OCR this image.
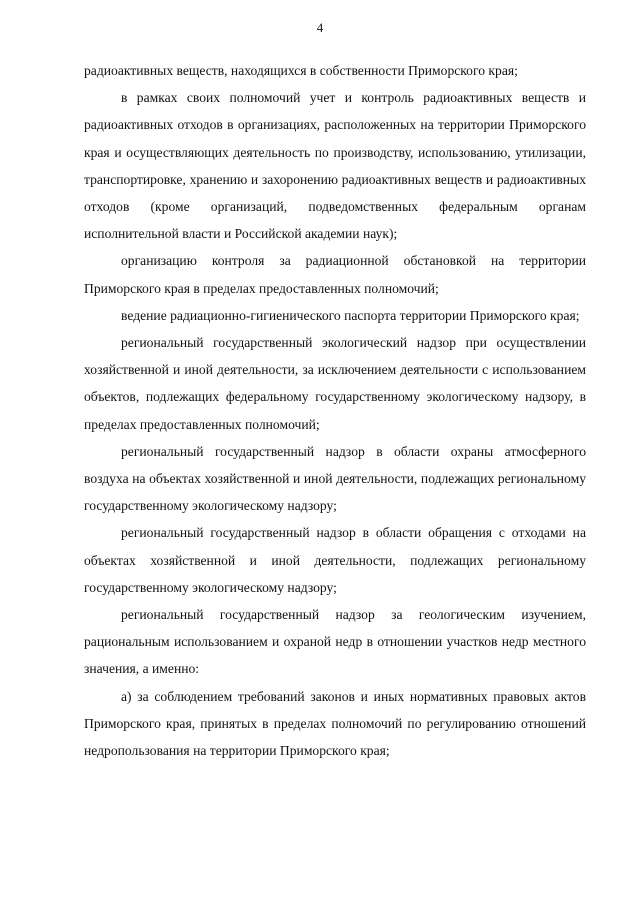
4

радиоактивных веществ, находящихся в собственности Приморского края;

в рамках своих полномочий учет и контроль радиоактивных веществ и радиоактивных отходов в организациях, расположенных на территории Приморского края и осуществляющих деятельность по производству, использованию, утилизации, транспортировке, хранению и захоронению радиоактивных веществ и радиоактивных отходов (кроме организаций, подведомственных федеральным органам исполнительной власти и Российской академии наук);

организацию контроля за радиационной обстановкой на территории Приморского края в пределах предоставленных полномочий;

ведение радиационно-гигиенического паспорта территории Приморского края;

региональный государственный экологический надзор при осуществлении хозяйственной и иной деятельности, за исключением деятельности с использованием объектов, подлежащих федеральному государственному экологическому надзору, в пределах предоставленных полномочий;

региональный государственный надзор в области охраны атмосферного воздуха на объектах хозяйственной и иной деятельности, подлежащих региональному государственному экологическому надзору;

региональный государственный надзор в области обращения с отходами на объектах хозяйственной и иной деятельности, подлежащих региональному государственному экологическому надзору;

региональный государственный надзор за геологическим изучением, рациональным использованием и охраной недр в отношении участков недр местного значения, а именно:

а) за соблюдением требований законов и иных нормативных правовых актов Приморского края, принятых в пределах полномочий по регулированию отношений недропользования на территории Приморского края;
